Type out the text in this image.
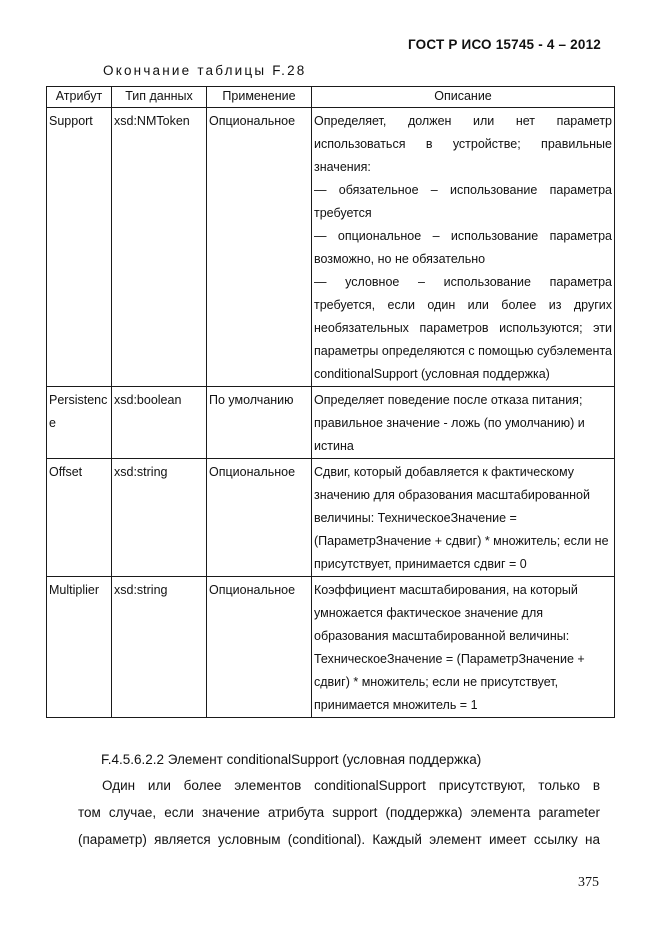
ГОСТ Р ИСО 15745 - 4 – 2012
Окончание таблицы F.28
Атрибут	Тип данных	Применение	Описание
Support	xsd:NMToken	Опциональное	Определяет, должен или нет параметр использоваться в устройстве; правильные значения:
— обязательное – использование параметра требуется
— опциональное – использование параметра возможно, но не обязательно
— условное – использование параметра требуется, если один или более из других необязательных параметров используются; эти параметры определяются с помощью субэлемента conditionalSupport (условная поддержка)

Persistence	xsd:boolean	По умолчанию	Определяет поведение после отказа питания; правильное значение - ложь (по умолчанию) и истина
Offset	xsd:string	Опциональное	Сдвиг, который добавляется к фактическому значению для образования масштабированной величины: ТехническоеЗначение = (ПараметрЗначение + сдвиг) * множитель; если не присутствует, принимается сдвиг = 0
Multiplier	xsd:string	Опциональное	Коэффициент масштабирования, на который умножается фактическое значение для образования масштабированной величины: ТехническоеЗначение = (ПараметрЗначение + сдвиг) * множитель; если не присутствует, принимается множитель = 1

F.4.5.6.2.2 Элемент conditionalSupport (условная поддержка)

Один или более элементов conditionalSupport присутствуют, только в

том случае, если значение атрибута support (поддержка) элемента parameter

(параметр) является условным (conditional). Каждый элемент имеет ссылку на

375
